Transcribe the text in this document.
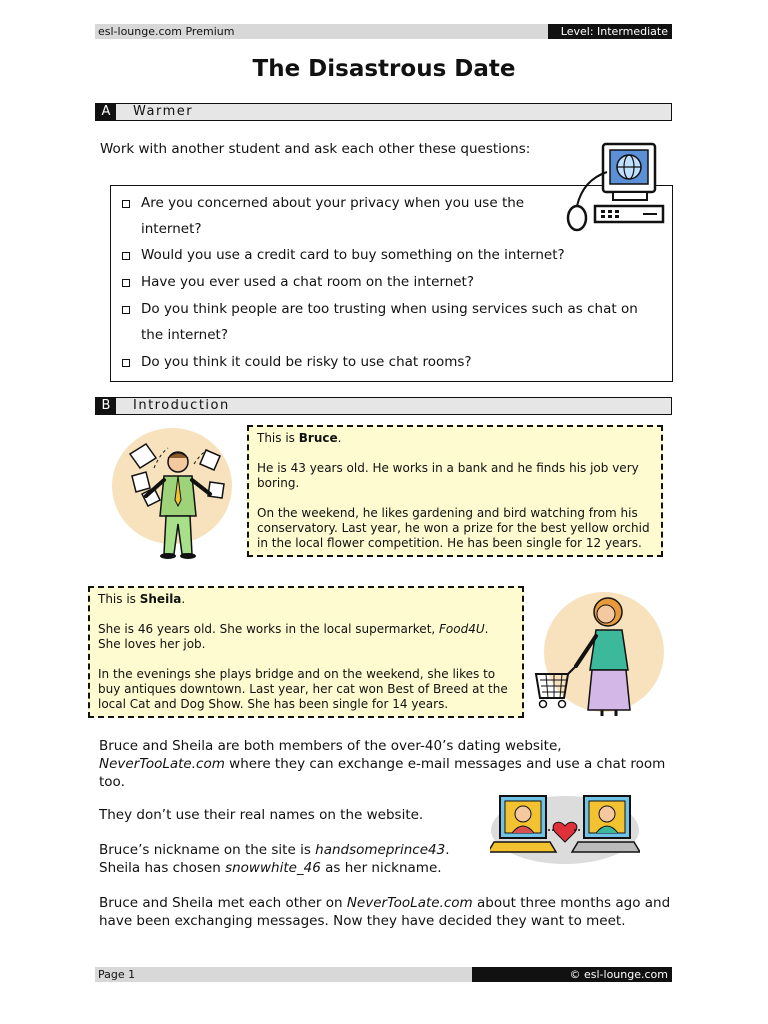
esl-lounge.com Premium	Level: Intermediate
The Disastrous Date
A	Warmer
Work with another student and ask each other these questions:
Are you concerned about your privacy when you use the
internet?
Would you use a credit card to buy something on the internet?
Have you ever used a chat room on the internet?
Do you think people are too trusting when using services such as chat on
the internet?
Do you think it could be risky to use chat rooms?
B	Introduction

This is Bruce.

He is 43 years old. He works in a bank and he finds his job very boring.

On the weekend, he likes gardening and bird watching from his conservatory. Last year, he won a prize for the best yellow orchid in the local flower competition. He has been single for 12 years.

This is Sheila.

She is 46 years old. She works in the local supermarket, Food4U. She loves her job.

In the evenings she plays bridge and on the weekend, she likes to buy antiques downtown. Last year, her cat won Best of Breed at the local Cat and Dog Show. She has been single for 14 years.

Bruce and Sheila are both members of the over-40’s dating website, NeverTooLate.com where they can exchange e-mail messages and use a chat room too.
They don’t use their real names on the website.
Bruce’s nickname on the site is handsomeprince43.
Sheila has chosen snowwhite_46 as her nickname.
Bruce and Sheila met each other on NeverTooLate.com about three months ago and have been exchanging messages. Now they have decided they want to meet.
Page 1	© esl-lounge.com
